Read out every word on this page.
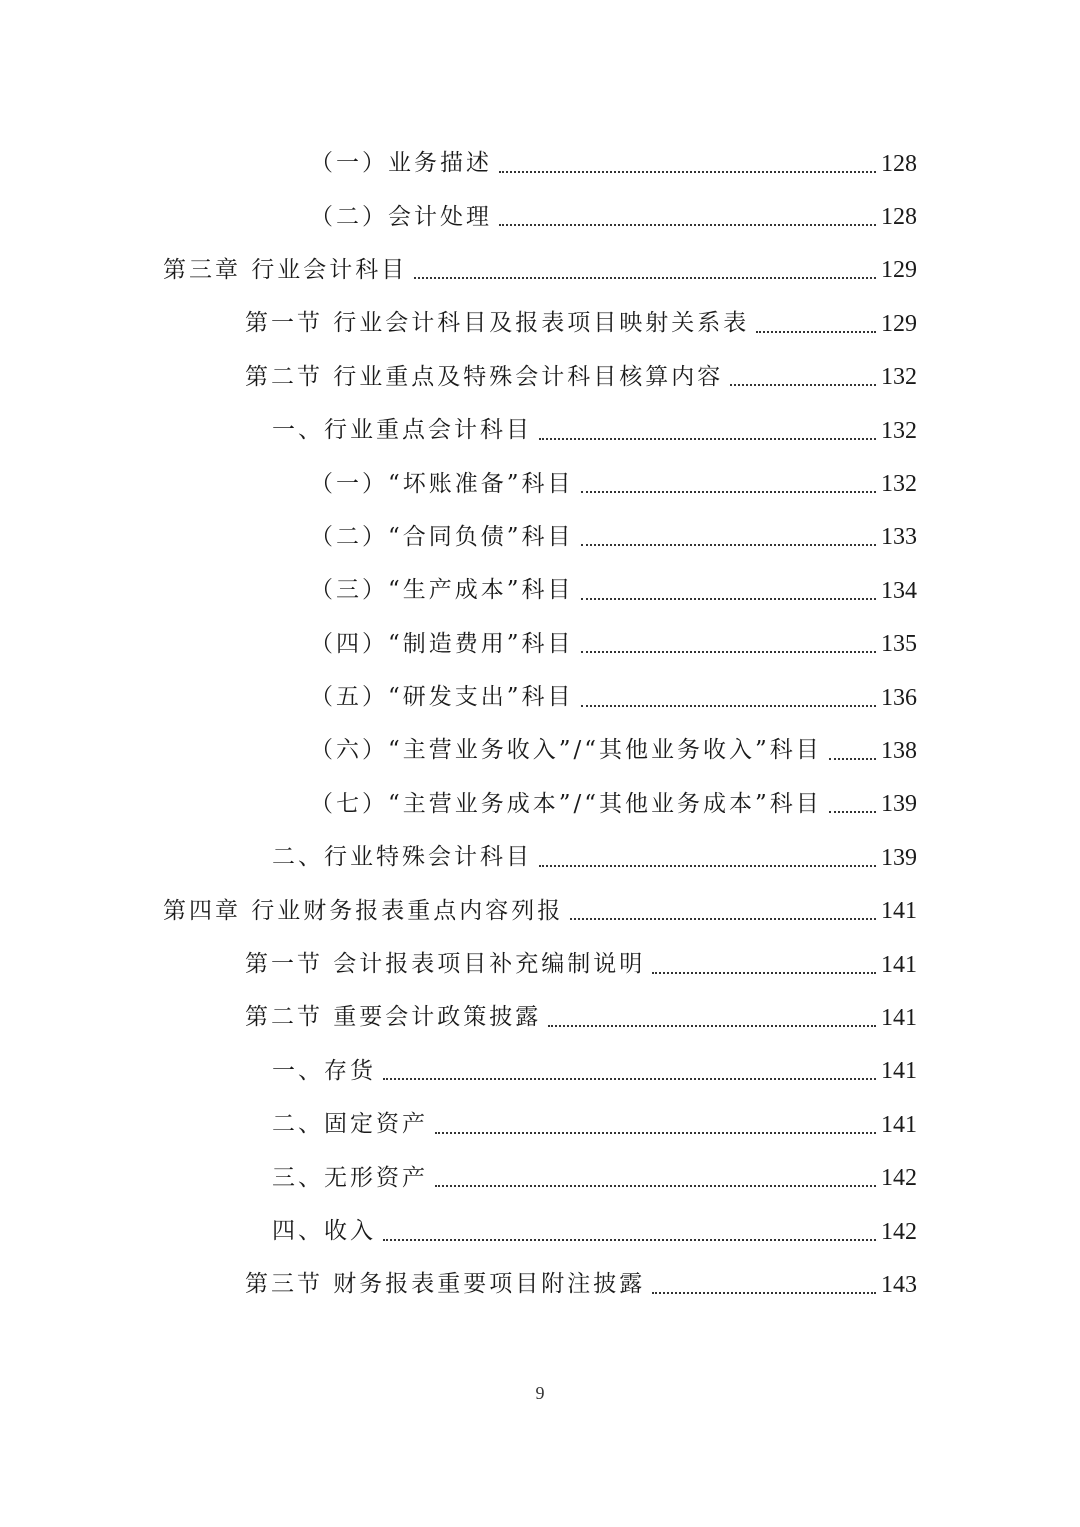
（一）业务描述	128
（二）会计处理	128
第三章 行业会计科目	129
第一节 行业会计科目及报表项目映射关系表	129
第二节 行业重点及特殊会计科目核算内容	132
一、行业重点会计科目	132
（一）“坏账准备”科目	132
（二）“合同负债”科目	133
（三）“生产成本”科目	134
（四）“制造费用”科目	135
（五）“研发支出”科目	136
（六）“主营业务收入”/“其他业务收入”科目 138
（七）“主营业务成本”/“其他业务成本”科目 139
二、行业特殊会计科目	139
第四章 行业财务报表重点内容列报	141
第一节 会计报表项目补充编制说明	141
第二节 重要会计政策披露	141
一、存货	141
二、固定资产	141
三、无形资产	142
四、收入	142
第三节 财务报表重要项目附注披露	143
9
